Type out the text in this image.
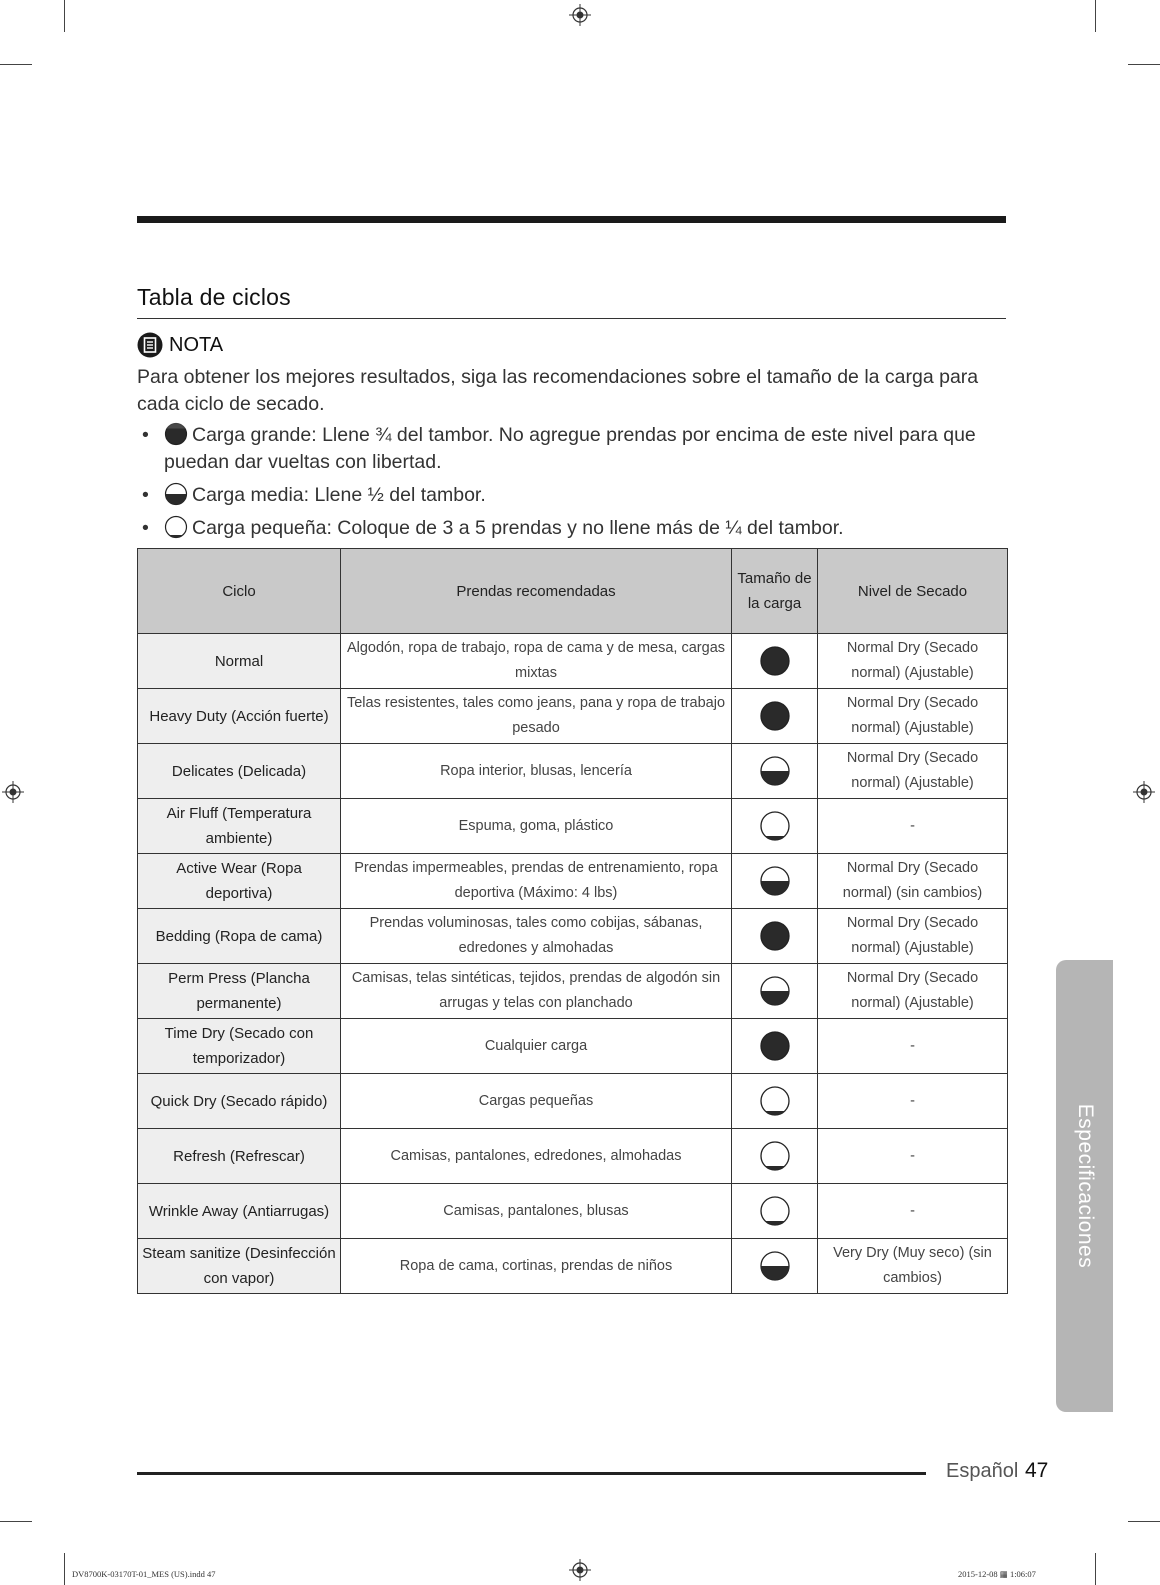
Tabla de ciclos
NOTA
Para obtener los mejores resultados, siga las recomendaciones sobre el tamaño de la carga para cada ciclo de secado.
• Carga grande: Llene ¾ del tambor. No agregue prendas por encima de este nivel para que puedan dar vueltas con libertad.
• Carga media: Llene ½ del tambor.
• Carga pequeña: Coloque de 3 a 5 prendas y no llene más de ¼ del tambor.
Ciclo	Prendas recomendadas	Tamaño de la carga	Nivel de Secado
Normal	Algodón, ropa de trabajo, ropa de cama y de mesa, cargas mixtas		Normal Dry (Secado normal) (Ajustable)
Heavy Duty (Acción fuerte)	Telas resistentes, tales como jeans, pana y ropa de trabajo pesado		Normal Dry (Secado normal) (Ajustable)
Delicates (Delicada)	Ropa interior, blusas, lencería		Normal Dry (Secado normal) (Ajustable)
Air Fluff (Temperatura ambiente)	Espuma, goma, plástico		-
Active Wear (Ropa deportiva)	Prendas impermeables, prendas de entrenamiento, ropa deportiva (Máximo: 4 lbs)		Normal Dry (Secado normal) (sin cambios)
Bedding (Ropa de cama)	Prendas voluminosas, tales como cobijas, sábanas, edredones y almohadas		Normal Dry (Secado normal) (Ajustable)
Perm Press (Plancha permanente)	Camisas, telas sintéticas, tejidos, prendas de algodón sin arrugas y telas con planchado		Normal Dry (Secado normal) (Ajustable)
Time Dry (Secado con temporizador)	Cualquier carga		-
Quick Dry (Secado rápido)	Cargas pequeñas		-
Refresh (Refrescar)	Camisas, pantalones, edredones, almohadas		-
Wrinkle Away (Antiarrugas)	Camisas, pantalones, blusas		-
Steam sanitize (Desinfección con vapor)	Ropa de cama, cortinas, prendas de niños		Very Dry (Muy seco) (sin cambios)
Especificaciones
Español 47
DV8700K-03170T-01_MES (US).indd 47	2015-12-08 ▦ 1:06:07
